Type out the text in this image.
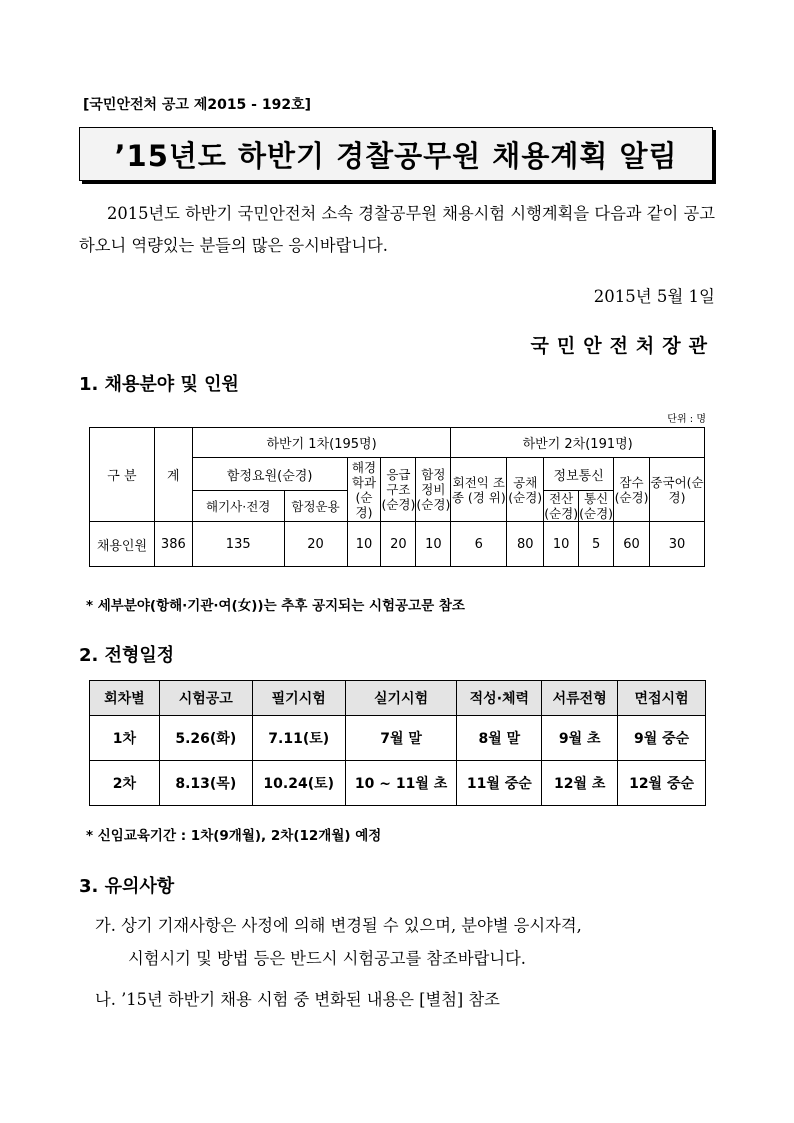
[국민안전처 공고 제2015 - 192호]
’15년도 하반기 경찰공무원 채용계획 알림
2015년도 하반기 국민안전처 소속 경찰공무원 채용시험 시행계획을 다음과 같이 공고하오니 역량있는 분들의 많은 응시바랍니다.
2015년 5월 1일
국민안전처장관
1. 채용분야 및 인원
단위 : 명
구 분	계	하반기 1차(195명)					하반기 2차(191명)					
		함정요원(순경)		해경학과(순경)	응급구조(순경)	함정정비(순경)	회전익 조 종 (경 위)	공채(순경)	정보통신		잠수(순경)	중국어(순경)
		해기사·전경	함정운용						전산(순경)	통신(순경)		
채용인원	386	135	20	10	20	10	6	80	10	5	60	30
* 세부분야(항해·기관·여(女))는 추후 공지되는 시험공고문 참조
2. 전형일정
회차별	시험공고	필기시험	실기시험	적성·체력	서류전형	면접시험
1차	5.26(화)	7.11(토)	7월 말	8월 말	9월 초	9월 중순
2차	8.13(목)	10.24(토)	10 ~ 11월 초	11월 중순	12월 초	12월 중순
* 신임교육기간 : 1차(9개월), 2차(12개월) 예정
3. 유의사항
가. 상기 기재사항은 사정에 의해 변경될 수 있으며, 분야별 응시자격,
시험시기 및 방법 등은 반드시 시험공고를 참조바랍니다.
나. ’15년 하반기 채용 시험 중 변화된 내용은 [별첨] 참조
